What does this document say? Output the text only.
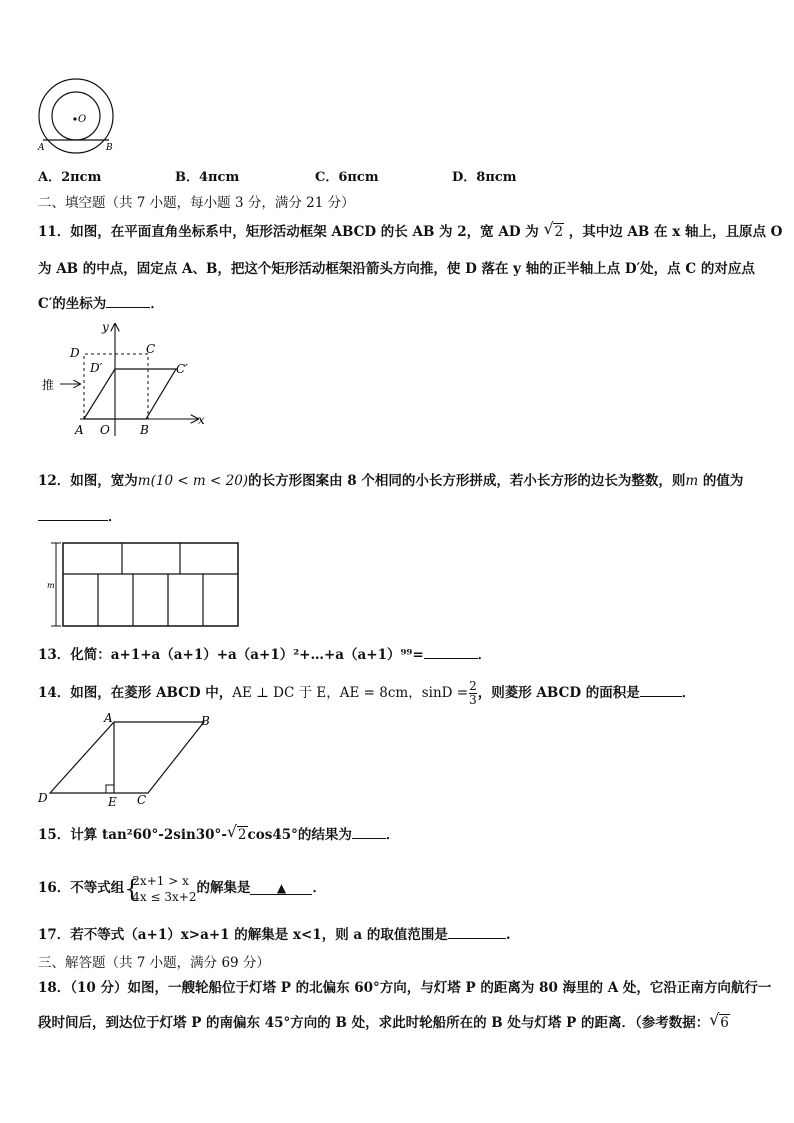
O
A	B
A．2πcm	B．4πcm	C．6πcm	D．8πcm
二、填空题（共 7 小题，每小题 3 分，满分 21 分）
11．如图，在平面直角坐标系中，矩形活动框架 ABCD 的长 AB 为 2，宽 AD 为 √ 2 ，其中边 AB 在 x 轴上，且原点 O
为 AB 的中点，固定点 A、B，把这个矩形活动框架沿箭头方向推，使 D 落在 y 轴的正半轴上点 D′处，点 C 的对应点
C′的坐标为	．
推
y
x
D	C
D′	C′
A O	B
12．如图，宽为m(10 < m < 20)的长方形图案由 8 个相同的小长方形拼成，若小长方形的边长为整数，则m 的值为
．
m
13．化简：a+1+a（a+1）+a（a+1）²+…+a（a+1）⁹⁹=	．
14．如图，在菱形 ABCD 中，AE ⊥ DC 于 E，AE = 8cm，$\sin D = \frac{2}{3}$ ，则菱形 ABCD 的面积是	．
A	B
D	E C
15．计算 tan²60°-2sin30°- √ 2cos45°的结果为	．
16．不等式组 {
2x+1 > x
4x ≤ 3x+2
的解集是 ▲ ．
17．若不等式（a+1）x>a+1 的解集是 x<1，则 a 的取值范围是	.
三、解答题（共 7 小题，满分 69 分）
18．（10 分）如图，一艘轮船位于灯塔 P 的北偏东 60°方向，与灯塔 P 的距离为 80 海里的 A 处，它沿正南方向航行一
段时间后，到达位于灯塔 P 的南偏东 45°方向的 B 处，求此时轮船所在的 B 处与灯塔 P 的距离．（参考数据： √ 6
